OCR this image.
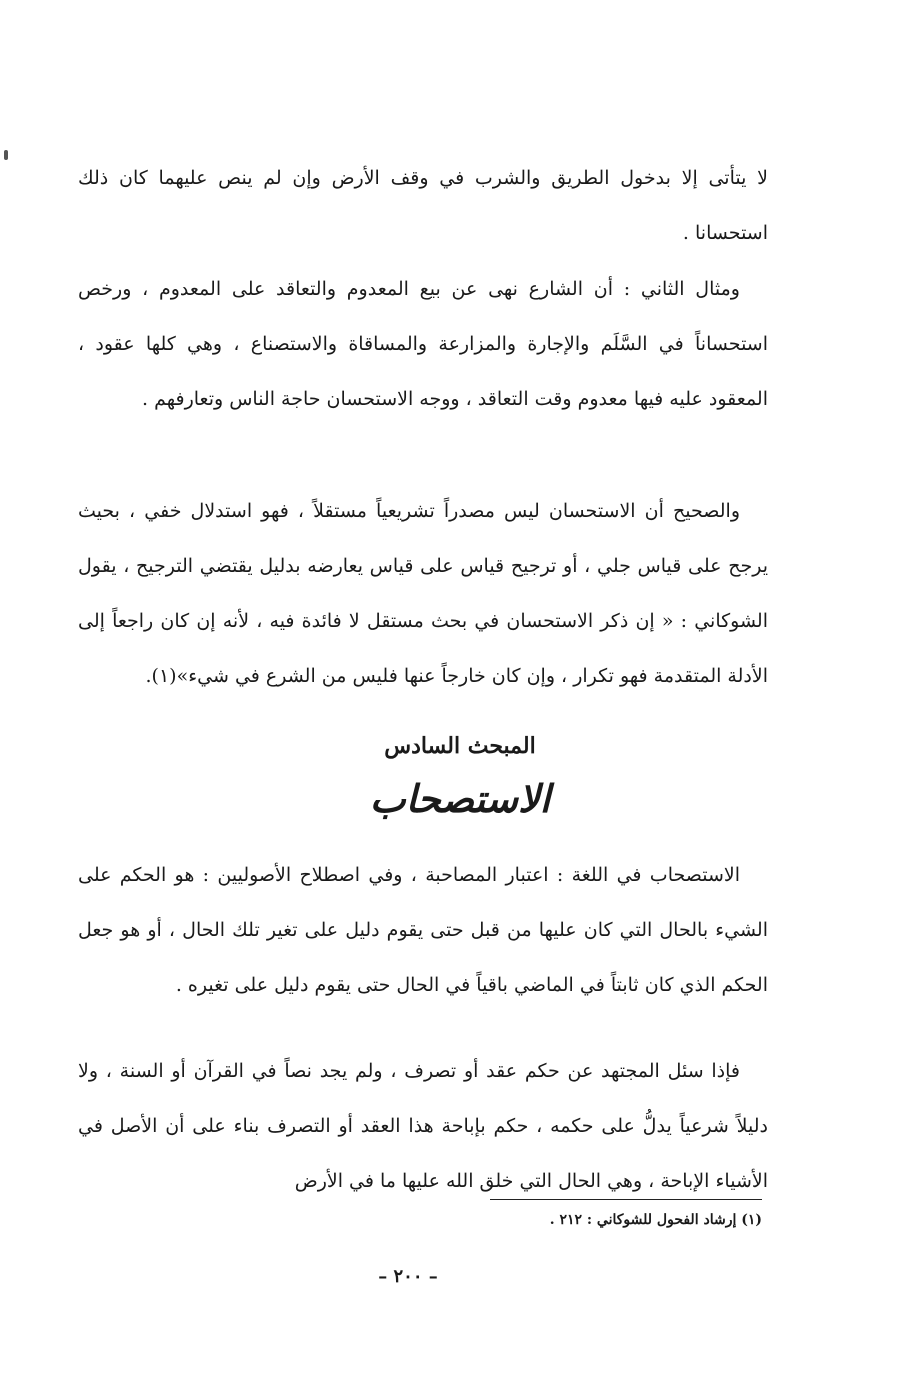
لا يتأتى إلا بدخول الطريق والشرب في وقف الأرض وإن لم ينص عليهما كان ذلك استحسانا .

ومثال الثاني : أن الشارع نهى عن بيع المعدوم والتعاقد على المعدوم ، ورخص استحساناً في السَّلَم والإجارة والمزارعة والمساقاة والاستصناع ، وهي كلها عقود ، المعقود عليه فيها معدوم وقت التعاقد ، ووجه الاستحسان حاجة الناس وتعارفهم .

والصحيح أن الاستحسان ليس مصدراً تشريعياً مستقلاً ، فهو استدلال خفي ، بحيث يرجح على قياس جلي ، أو ترجيح قياس على قياس يعارضه بدليل يقتضي الترجيح ، يقول الشوكاني : « إن ذكر الاستحسان في بحث مستقل لا فائدة فيه ، لأنه إن كان راجعاً إلى الأدلة المتقدمة فهو تكرار ، وإن كان خارجاً عنها فليس من الشرع في شيء»(١).

المبحث السادس
الاستصحاب

الاستصحاب في اللغة : اعتبار المصاحبة ، وفي اصطلاح الأصوليين : هو الحكم على الشيء بالحال التي كان عليها من قبل حتى يقوم دليل على تغير تلك الحال ، أو هو جعل الحكم الذي كان ثابتاً في الماضي باقياً في الحال حتى يقوم دليل على تغيره .

فإذا سئل المجتهد عن حكم عقد أو تصرف ، ولم يجد نصاً في القرآن أو السنة ، ولا دليلاً شرعياً يدلُّ على حكمه ، حكم بإباحة هذا العقد أو التصرف بناء على أن الأصل في الأشياء الإباحة ، وهي الحال التي خلق الله عليها ما في الأرض

(١) إرشاد الفحول للشوكاني : ٢١٢ .
– ٢٠٠ –
